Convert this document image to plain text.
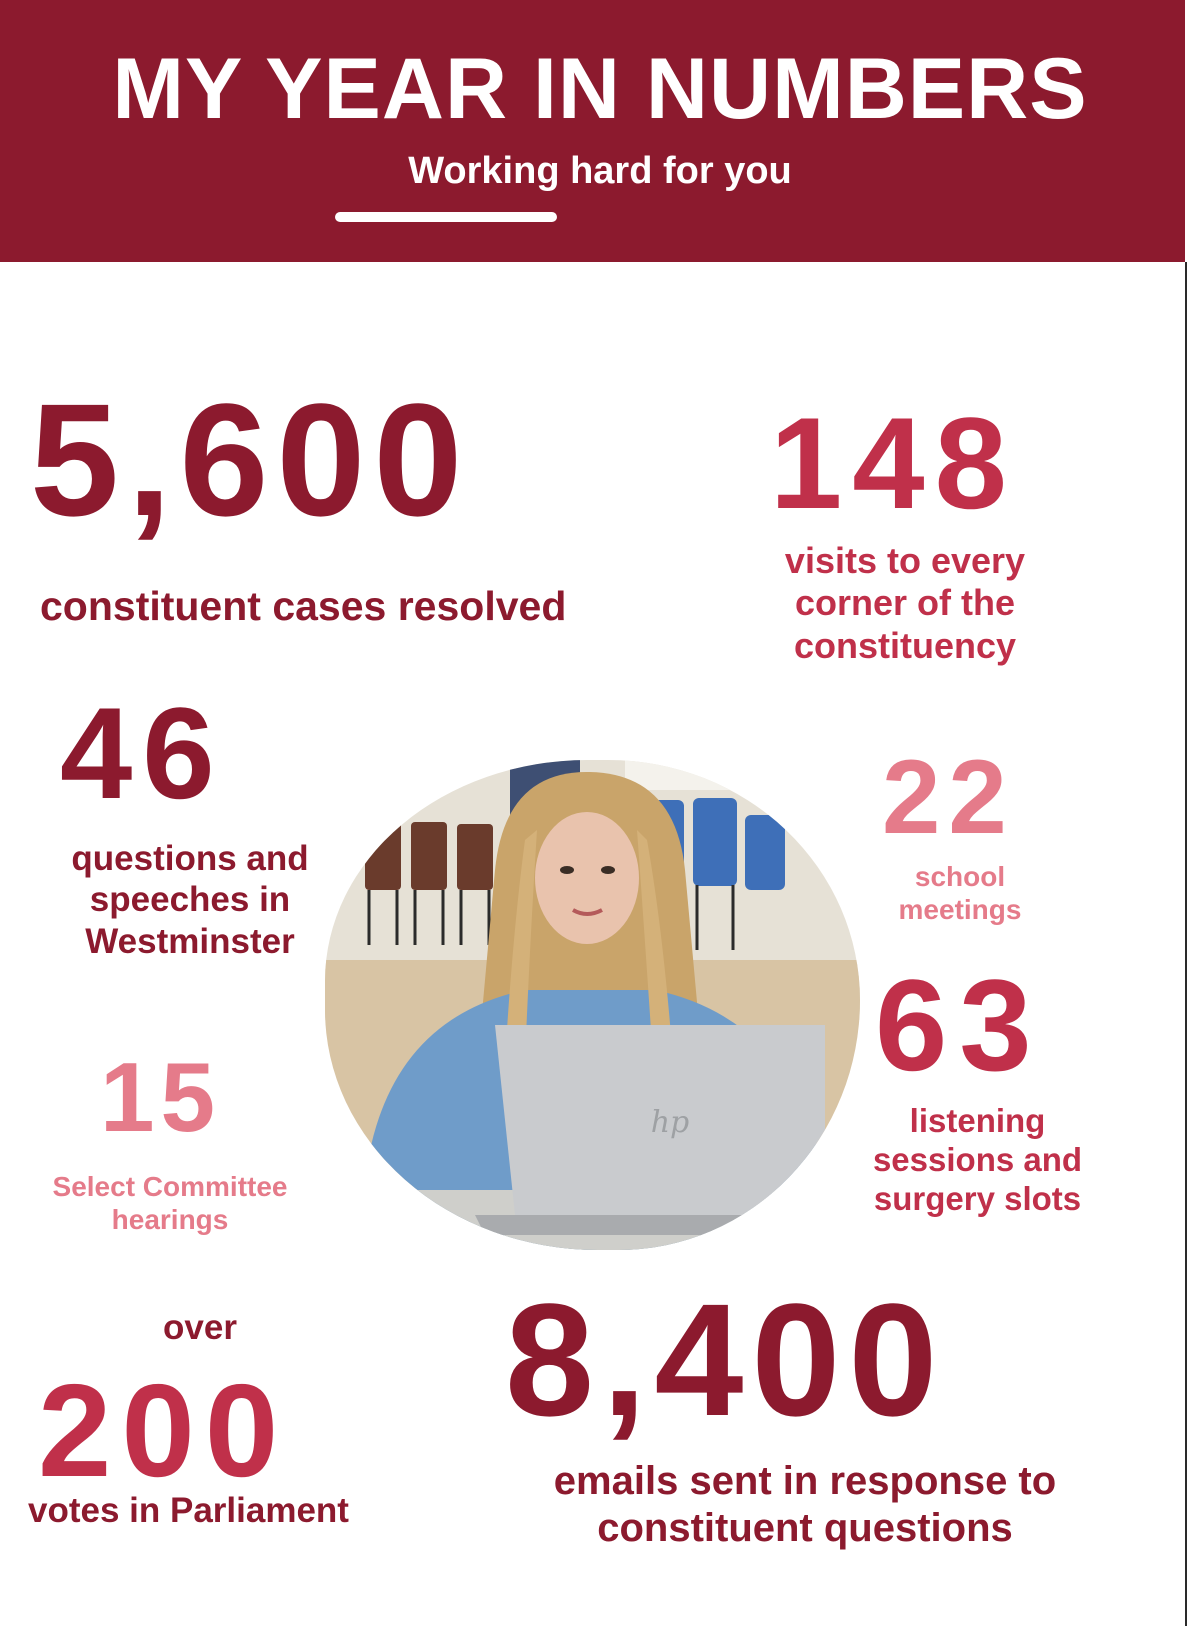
MY YEAR IN NUMBERS
Working hard for you
5,600
constituent cases resolved
148
visits to every
corner of the
constituency
46
questions and
speeches in
Westminster
22
school
meetings
63
listening
sessions and
surgery slots
15
Select Committee
hearings
over
200
votes in Parliament
8,400
emails sent in response to
constituent questions
hp
